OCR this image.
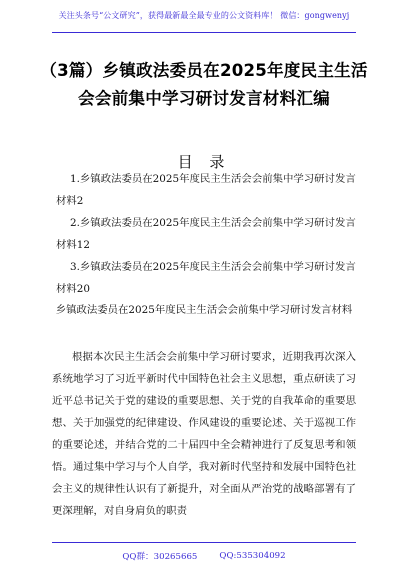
关注头条号“公文研究”，获得最新最全最专业的公文资料库！ 微信：gongwenyj
（3篇）乡镇政法委员在2025年度民主生活会会前集中学习研讨发言材料汇编
目 录
1.乡镇政法委员在2025年度民主生活会会前集中学习研讨发言材料2
2.乡镇政法委员在2025年度民主生活会会前集中学习研讨发言材料12
3.乡镇政法委员在2025年度民主生活会会前集中学习研讨发言材料20
乡镇政法委员在2025年度民主生活会会前集中学习研讨发言材料
根据本次民主生活会会前集中学习研讨要求，近期我再次深入系统地学习了习近平新时代中国特色社会主义思想，重点研读了习近平总书记关于党的建设的重要思想、关于党的自我革命的重要思想、关于加强党的纪律建设、作风建设的重要论述、关于巡视工作的重要论述，并结合党的二十届四中全会精神进行了反复思考和领悟。通过集中学习与个人自学，我对新时代坚持和发展中国特色社会主义的规律性认识有了新提升，对全面从严治党的战略部署有了更深理解，对自身肩负的职责
QQ群：30265665	QQ:535304092
